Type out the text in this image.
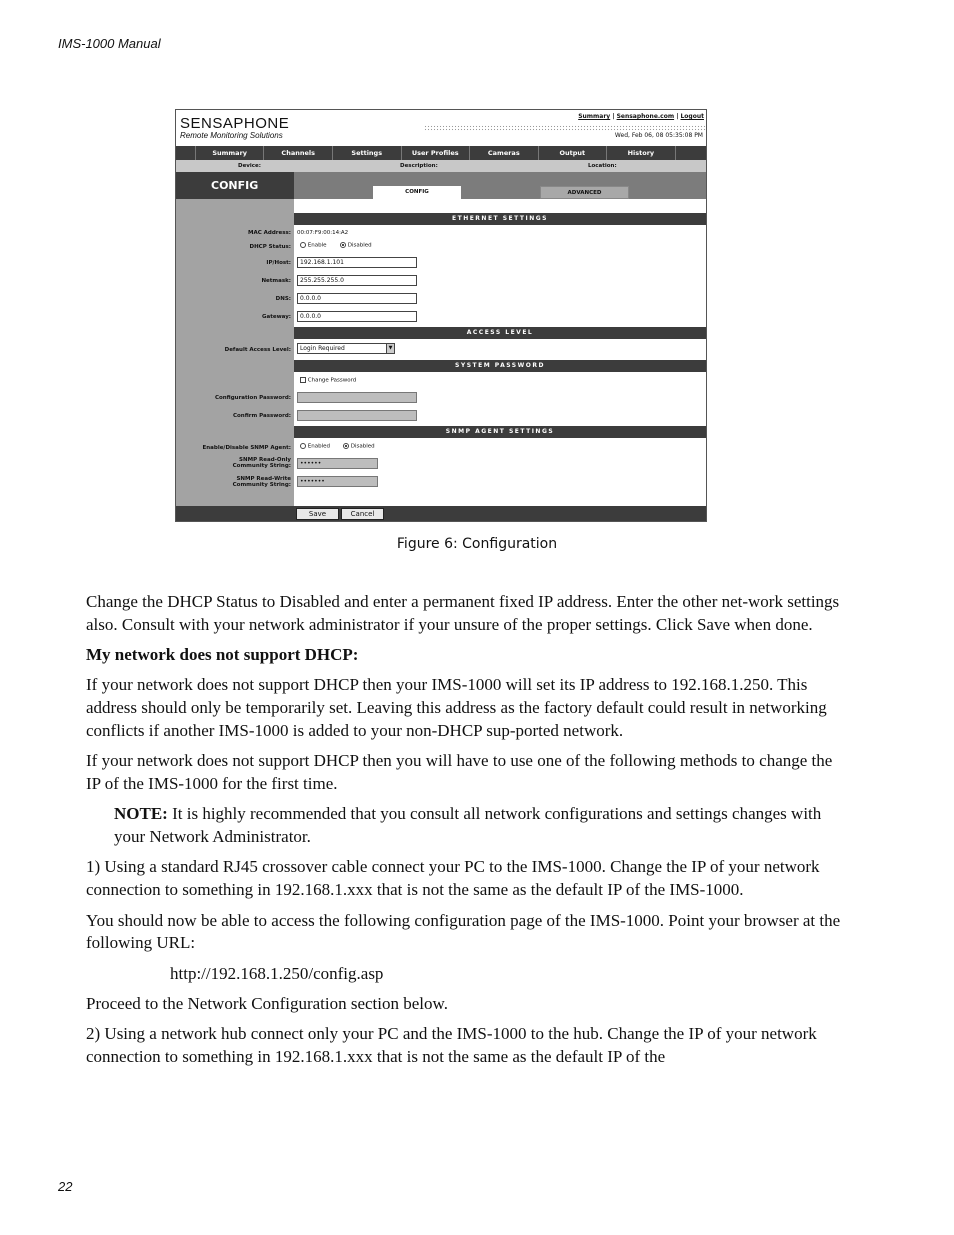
IMS-1000 Manual
SENSAPHONE
Remote Monitoring Solutions
Summary | Sensaphone.com | Logout
Wed, Feb 06, 08 05:35:08 PM
Summary	Channels	Settings	User Profiles	Cameras	Output	History
Device:	Description:	Location:
CONFIG	CONFIG	ADVANCED
ETHERNET SETTINGS
MAC Address: 00:07:F9:00:14:A2
DHCP Status:	Enable	Disabled
IP/Host:	192.168.1.101
Netmask:	255.255.255.0
DNS:	0.0.0.0
Gateway:	0.0.0.0
ACCESS LEVEL
Default Access Level:	Login Required	▼
SYSTEM PASSWORD
Change Password
Configuration Password:
Confirm Password:
SNMP AGENT SETTINGS
Enable/Disable SNMP Agent:	Enabled	Disabled
SNMP Read-Only
Community String:	••••••
SNMP Read-Write
Community String:	•••••••
Save	Cancel
Figure 6: Configuration

Change the DHCP Status to Disabled and enter a permanent fixed IP address. Enter the other net-work settings also. Consult with your network administrator if your unsure of the proper settings. Click Save when done.

My network does not support DHCP:

If your network does not support DHCP then your IMS-1000 will set its IP address to 192.168.1.250. This address should only be temporarily set. Leaving this address as the factory default could result in networking conflicts if another IMS-1000 is added to your non-DHCP sup-ported network.

If your network does not support DHCP then you will have to use one of the following methods to change the IP of the IMS-1000 for the first time.

NOTE: It is highly recommended that you consult all network configurations and settings changes with your Network Administrator.

1) Using a standard RJ45 crossover cable connect your PC to the IMS-1000. Change the IP of your network connection to something in 192.168.1.xxx that is not the same as the default IP of the IMS-1000.

You should now be able to access the following configuration page of the IMS-1000. Point your browser at the following URL:

http://192.168.1.250/config.asp

Proceed to the Network Configuration section below.

2) Using a network hub connect only your PC and the IMS-1000 to the hub. Change the IP of your network connection to something in 192.168.1.xxx that is not the same as the default IP of the

22
